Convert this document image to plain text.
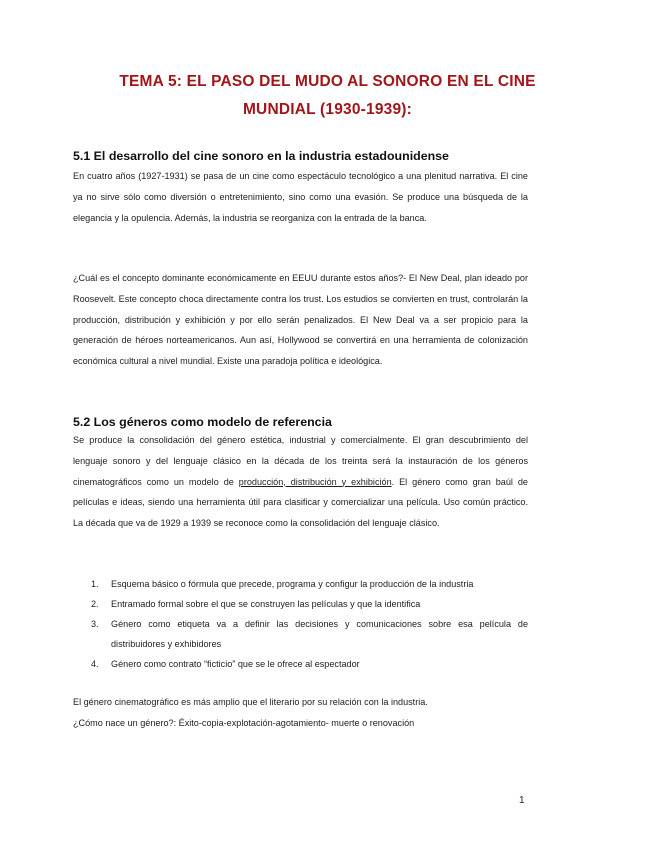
TEMA 5: EL PASO DEL MUDO AL SONORO EN EL CINE
MUNDIAL (1930-1939):
5.1 El desarrollo del cine sonoro en la industria estadounidense

En cuatro años (1927-1931) se pasa de un cine como espectáculo tecnológico a una plenitud narrativa. El cine ya no sirve sólo como diversión o entretenimiento, sino como una evasión. Se produce una búsqueda de la elegancia y la opulencia. Además, la industria se reorganiza con la entrada de la banca.

¿Cuál es el concepto dominante económicamente en EEUU durante estos años?- El New Deal, plan ideado por Roosevelt. Este concepto choca directamente contra los trust. Los estudios se convierten en trust, controlarán la producción, distribución y exhibición y por ello serán penalizados. El New Deal va a ser propicio para la generación de héroes norteamericanos. Aun así, Hollywood se convertirá en una herramienta de colonización económica cultural a nivel mundial. Existe una paradoja política e ideológica.

5.2 Los géneros como modelo de referencia

Se produce la consolidación del género estética, industrial y comercialmente. El gran descubrimiento del lenguaje sonoro y del lenguaje clásico en la década de los treinta será la instauración de los géneros cinematográficos como un modelo de producción, distribución y exhibición. El género como gran baúl de películas e ideas, siendo una herramienta útil para clasificar y comercializar una película. Uso común práctico. La década que va de 1929 a 1939 se reconoce como la consolidación del lenguaje clásico.

1. Esquema básico o fórmula que precede, programa y configur la producción de la industria
2. Entramado formal sobre el que se construyen las películas y que la identifica
3. Género como etiqueta va a definir las decisiones y comunicaciones sobre esa película de distribuidores y exhibidores
4. Género como contrato “ficticio” que se le ofrece al espectador

El género cinematográfico es más amplio que el literario por su relación con la industria.

¿Cómo nace un género?: Éxito-copia-explotación-agotamiento- muerte o renovación

1
